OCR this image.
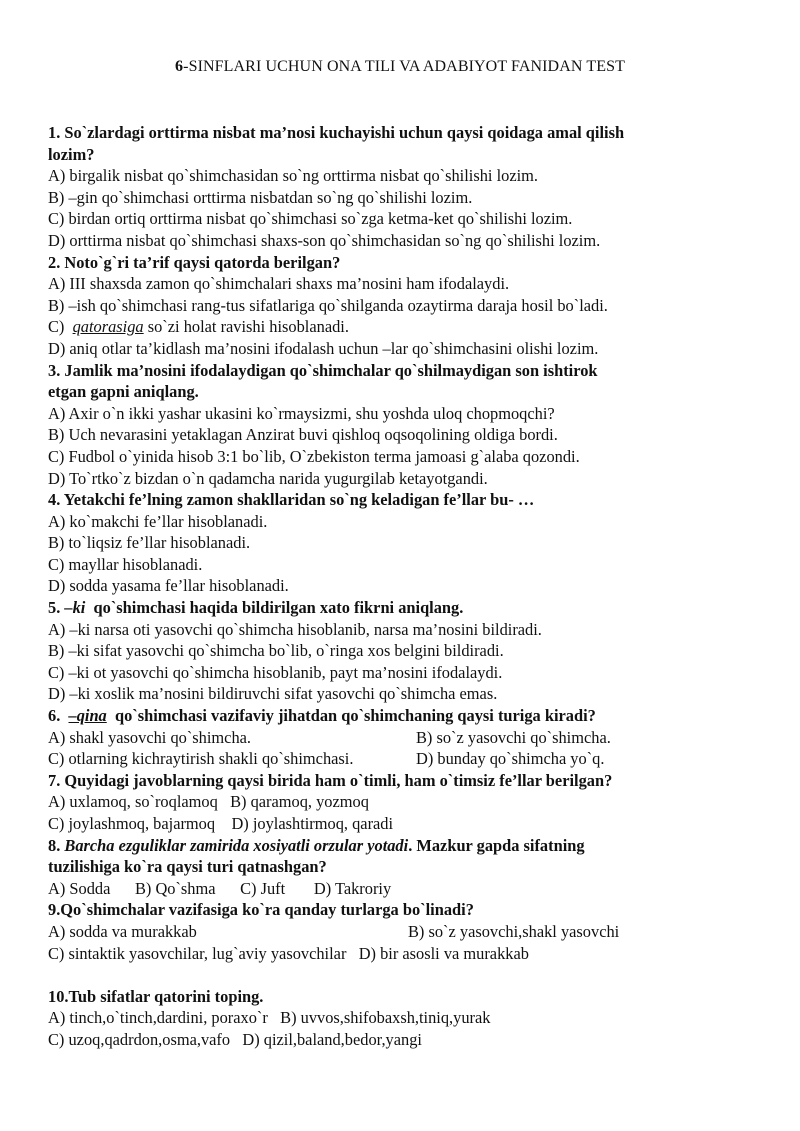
6-SINFLARI UCHUN ONA TILI VA ADABIYOT FANIDAN TEST
1. So`zlardagi orttirma nisbat ma’nosi kuchayishi uchun qaysi qoidaga amal qilish
lozim?
A) birgalik nisbat qo`shimchasidan so`ng orttirma nisbat qo`shilishi lozim.
B) –gin qo`shimchasi orttirma nisbatdan so`ng qo`shilishi lozim.
C) birdan ortiq orttirma nisbat qo`shimchasi so`zga ketma-ket qo`shilishi lozim.
D) orttirma nisbat qo`shimchasi shaxs-son qo`shimchasidan so`ng qo`shilishi lozim.
2. Noto`g`ri ta’rif qaysi qatorda berilgan?
A) III shaxsda zamon qo`shimchalari shaxs ma’nosini ham ifodalaydi.
B) –ish qo`shimchasi rang-tus sifatlariga qo`shilganda ozaytirma daraja hosil bo`ladi.
C)  qatorasiga so`zi holat ravishi hisoblanadi.
D) aniq otlar ta’kidlash ma’nosini ifodalash uchun –lar qo`shimchasini olishi lozim.
3. Jamlik ma’nosini ifodalaydigan qo`shimchalar qo`shilmaydigan son ishtirok
etgan gapni aniqlang.
A) Axir o`n ikki yashar ukasini ko`rmaysizmi, shu yoshda uloq chopmoqchi?
B) Uch nevarasini yetaklagan Anzirat buvi qishloq oqsoqolining oldiga bordi.
C) Fudbol o`yinida hisob 3:1 bo`lib, O`zbekiston terma jamoasi g`alaba qozondi.
D) To`rtko`z bizdan o`n qadamcha narida yugurgilab ketayotgandi.
4. Yetakchi fe’lning zamon shakllaridan so`ng keladigan fe’llar bu- …
A) ko`makchi fe’llar hisoblanadi.
B) to`liqsiz fe’llar hisoblanadi.
C) mayllar hisoblanadi.
D) sodda yasama fe’llar hisoblanadi.
5. –ki  qo`shimchasi haqida bildirilgan xato fikrni aniqlang.
A) –ki narsa oti yasovchi qo`shimcha hisoblanib, narsa ma’nosini bildiradi.
B) –ki sifat yasovchi qo`shimcha bo`lib, o`ringa xos belgini bildiradi.
C) –ki ot yasovchi qo`shimcha hisoblanib, payt ma’nosini ifodalaydi.
D) –ki xoslik ma’nosini bildiruvchi sifat yasovchi qo`shimcha emas.
6.  –qina  qo`shimchasi vazifaviy jihatdan qo`shimchaning qaysi turiga kiradi?
A) shakl yasovchi qo`shimcha.	B) so`z yasovchi qo`shimcha.
C) otlarning kichraytirish shakli qo`shimchasi.	D) bunday qo`shimcha yo`q.
7. Quyidagi javoblarning qaysi birida ham o`timli, ham o`timsiz fe’llar berilgan?
A) uxlamoq, so`roqlamoq   B) qaramoq, yozmoq
C) joylashmoq, bajarmoq    D) joylashtirmoq, qaradi
8. Barcha ezguliklar zamirida xosiyatli orzular yotadi. Mazkur gapda sifatning
tuzilishiga ko`ra qaysi turi qatnashgan?
A) Sodda      B) Qo`shma      C) Juft       D) Takroriy
9.Qo`shimchalar vazifasiga ko`ra qanday turlarga bo`linadi?
A) sodda va murakkab	B) so`z yasovchi,shakl yasovchi
C) sintaktik yasovchilar, lug`aviy yasovchilar D) bir asosli va murakkab
10.Tub sifatlar qatorini toping.
A) tinch,o`tinch,dardini, poraxo`r   B) uvvos,shifobaxsh,tiniq,yurak
C) uzoq,qadrdon,osma,vafo   D) qizil,baland,bedor,yangi
